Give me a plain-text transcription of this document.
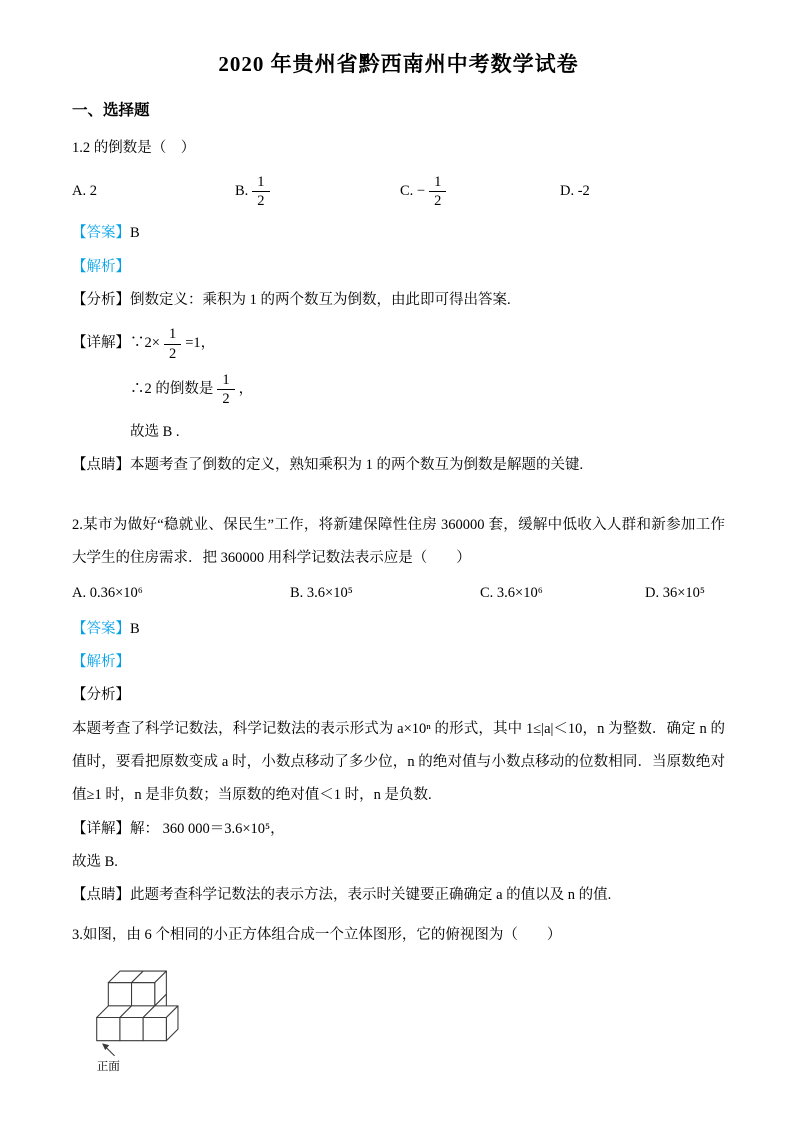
2020 年贵州省黔西南州中考数学试卷
一、选择题

1.2 的倒数是（　）

A. 2	B. $\frac{1}{2}$	C. − $\frac{1}{2}$	D. -2

【答案】B

【解析】

【分析】倒数定义：乘积为 1 的两个数互为倒数，由此即可得出答案.

【详解】∵2× $\frac{1}{2} =1$，

∴2 的倒数是 $\frac{1}{2}$ ，

故选 B .

【点睛】本题考查了倒数的定义，熟知乘积为 1 的两个数互为倒数是解题的关键.

2.某市为做好“稳就业、保民生”工作，将新建保障性住房 360000 套，缓解中低收入人群和新参加工作大学生的住房需求．把 360000 用科学记数法表示应是（　　）

A. 0.36×10⁶	B. 3.6×10⁵	C. 3.6×10⁶	D. 36×10⁵

【答案】B

【解析】

【分析】

本题考查了科学记数法，科学记数法的表示形式为 a×10ⁿ 的形式，其中 1≤|a|＜10，n 为整数．确定 n 的值时，要看把原数变成 a 时，小数点移动了多少位，n 的绝对值与小数点移动的位数相同．当原数绝对值≥1 时，n 是非负数；当原数的绝对值＜1 时，n 是负数.

【详解】解： 360 000＝3.6×10⁵，

故选 B.

【点睛】此题考查科学记数法的表示方法，表示时关键要正确确定 a 的值以及 n 的值.

3.如图，由 6 个相同的小正方体组合成一个立体图形，它的俯视图为（　　）

正面
